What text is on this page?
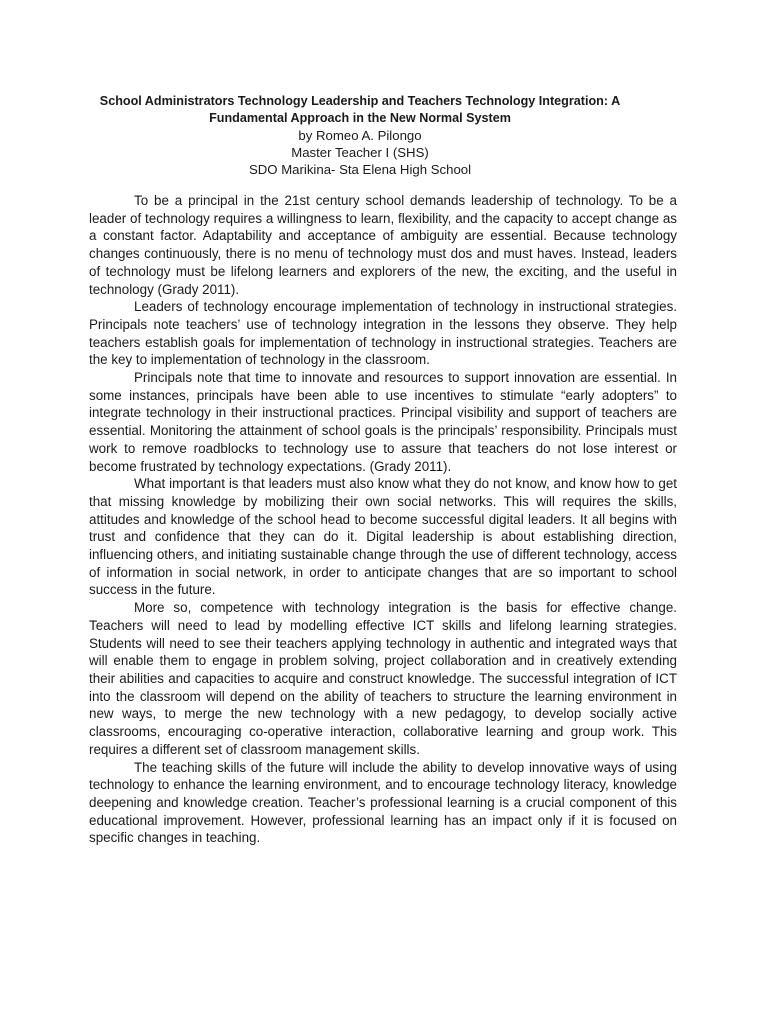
School Administrators Technology Leadership and Teachers Technology Integration: A Fundamental Approach in the New Normal System

by Romeo A. Pilongo

Master Teacher I (SHS)

SDO Marikina- Sta Elena High School

To be a principal in the 21st century school demands leadership of technology. To be a leader of technology requires a willingness to learn, flexibility, and the capacity to accept change as a constant factor. Adaptability and acceptance of ambiguity are essential. Because technology changes continuously, there is no menu of technology must dos and must haves. Instead, leaders of technology must be lifelong learners and explorers of the new, the exciting, and the useful in technology (Grady 2011).

Leaders of technology encourage implementation of technology in instructional strategies. Principals note teachers’ use of technology integration in the lessons they observe. They help teachers establish goals for implementation of technology in instructional strategies. Teachers are the key to implementation of technology in the classroom.

Principals note that time to innovate and resources to support innovation are essential. In some instances, principals have been able to use incentives to stimulate “early adopters” to integrate technology in their instructional practices. Principal visibility and support of teachers are essential. Monitoring the attainment of school goals is the principals’ responsibility. Principals must work to remove roadblocks to technology use to assure that teachers do not lose interest or become frustrated by technology expectations. (Grady 2011).

What important is that leaders must also know what they do not know, and know how to get that missing knowledge by mobilizing their own social networks. This will requires the skills, attitudes and knowledge of the school head to become successful digital leaders. It all begins with trust and confidence that they can do it. Digital leadership is about establishing direction, influencing others, and initiating sustainable change through the use of different technology, access of information in social network, in order to anticipate changes that are so important to school success in the future.

More so, competence with technology integration is the basis for effective change. Teachers will need to lead by modelling effective ICT skills and lifelong learning strategies. Students will need to see their teachers applying technology in authentic and integrated ways that will enable them to engage in problem solving, project collaboration and in creatively extending their abilities and capacities to acquire and construct knowledge. The successful integration of ICT into the classroom will depend on the ability of teachers to structure the learning environment in new ways, to merge the new technology with a new pedagogy, to develop socially active classrooms, encouraging co-operative interaction, collaborative learning and group work. This requires a different set of classroom management skills.

The teaching skills of the future will include the ability to develop innovative ways of using technology to enhance the learning environment, and to encourage technology literacy, knowledge deepening and knowledge creation. Teacher’s professional learning is a crucial component of this educational improvement. However, professional learning has an impact only if it is focused on specific changes in teaching.
